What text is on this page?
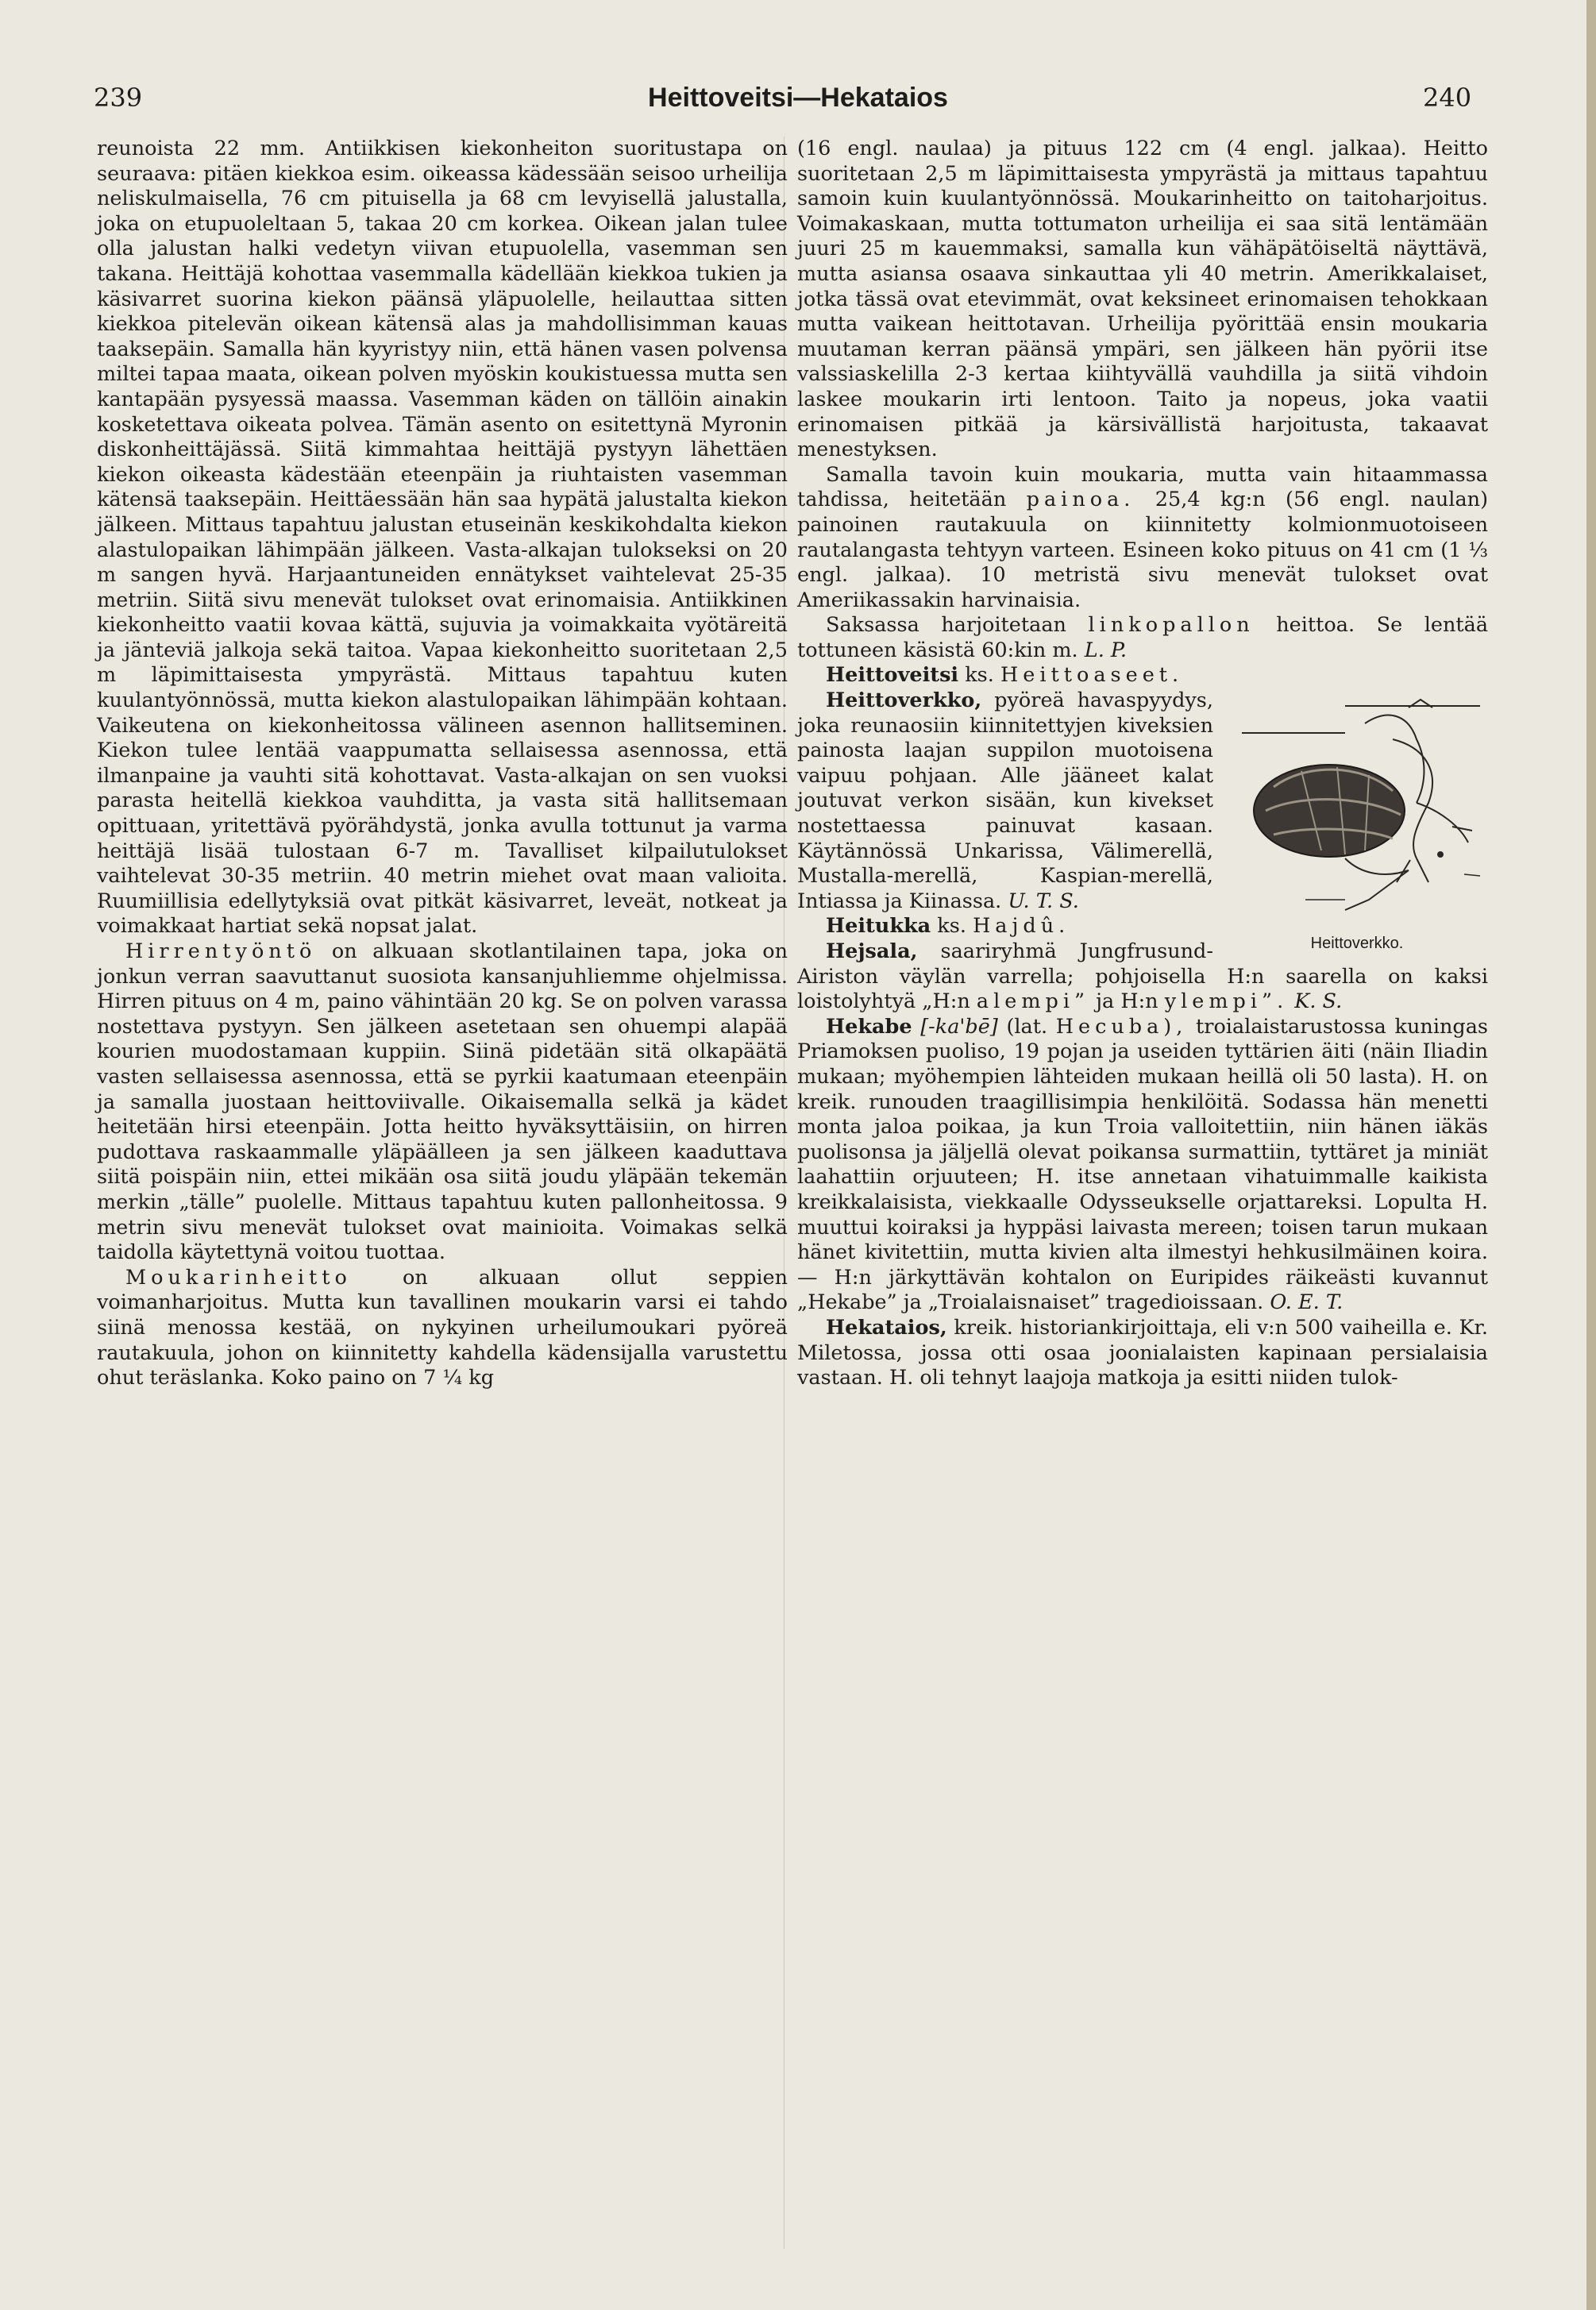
239	Heittoveitsi—Hekataios	240

reunoista 22 mm. Antiikkisen kiekonheiton suoritustapa on seuraava: pitäen kiekkoa esim. oikeassa kädessään seisoo urheilija neliskulmaisella, 76 cm pituisella ja 68 cm levyisellä jalustalla, joka on etupuoleltaan 5, takaa 20 cm korkea. Oikean jalan tulee olla jalustan halki vedetyn viivan etupuolella, vasemman sen takana. Heittäjä kohottaa vasemmalla kädellään kiekkoa tukien ja käsivarret suorina kiekon päänsä yläpuolelle, heilauttaa sitten kiekkoa pitelevän oikean kätensä alas ja mahdollisimman kauas taaksepäin. Samalla hän kyyristyy niin, että hänen vasen polvensa miltei tapaa maata, oikean polven myöskin koukistuessa mutta sen kantapään pysyessä maassa. Vasemman käden on tällöin ainakin kosketettava oikeata polvea. Tämän asento on esitettynä Myronin diskonheittäjässä. Siitä kimmahtaa heittäjä pystyyn lähettäen kiekon oikeasta kädestään eteenpäin ja riuhtaisten vasemman kätensä taaksepäin. Heittäessään hän saa hypätä jalustalta kiekon jälkeen. Mittaus tapahtuu jalustan etuseinän keskikohdalta kiekon alastulopaikan lähimpään jälkeen. Vasta-alkajan tulokseksi on 20 m sangen hyvä. Harjaantuneiden ennätykset vaihtelevat 25-35 metriin. Siitä sivu menevät tulokset ovat erinomaisia. Antiikkinen kiekonheitto vaatii kovaa kättä, sujuvia ja voimakkaita vyötäreitä ja jänteviä jalkoja sekä taitoa. Vapaa kiekonheitto suoritetaan 2,5 m läpimittaisesta ympyrästä. Mittaus tapahtuu kuten kuulantyönnössä, mutta kiekon alastulopaikan lähimpään kohtaan. Vaikeutena on kiekonheitossa välineen asennon hallitseminen. Kiekon tulee lentää vaappumatta sellaisessa asennossa, että ilmanpaine ja vauhti sitä kohottavat. Vasta-alkajan on sen vuoksi parasta heitellä kiekkoa vauhditta, ja vasta sitä hallitsemaan opittuaan, yritettävä pyörähdystä, jonka avulla tottunut ja varma heittäjä lisää tulostaan 6-7 m. Tavalliset kilpailutulokset vaihtelevat 30-35 metriin. 40 metrin miehet ovat maan valioita. Ruumiillisia edellytyksiä ovat pitkät käsivarret, leveät, notkeat ja voimakkaat hartiat sekä nopsat jalat.

Hirrentyöntö on alkuaan skotlantilainen tapa, joka on jonkun verran saavuttanut suosiota kansanjuhliemme ohjelmissa. Hirren pituus on 4 m, paino vähintään 20 kg. Se on polven varassa nostettava pystyyn. Sen jälkeen asetetaan sen ohuempi alapää kourien muodostamaan kuppiin. Siinä pidetään sitä olkapäätä vasten sellaisessa asennossa, että se pyrkii kaatumaan eteenpäin ja samalla juostaan heittoviivalle. Oikaisemalla selkä ja kädet heitetään hirsi eteenpäin. Jotta heitto hyväksyttäisiin, on hirren pudottava raskaammalle yläpäälleen ja sen jälkeen kaaduttava siitä poispäin niin, ettei mikään osa siitä joudu yläpään tekemän merkin „tälle” puolelle. Mittaus tapahtuu kuten pallonheitossa. 9 metrin sivu menevät tulokset ovat mainioita. Voimakas selkä taidolla käytettynä voitou tuottaa.

Moukarinheitto	on alkuaan ollut seppien voimanharjoitus. Mutta kun tavallinen moukarin varsi ei tahdo siinä menossa kestää, on nykyinen urheilumoukari pyöreä rautakuula, johon on kiinnitetty kahdella kädensijalla varustettu ohut teräslanka. Koko paino on 7 ¼ kg

(16 engl. naulaa) ja pituus 122 cm (4 engl. jalkaa). Heitto suoritetaan 2,5 m läpimittaisesta ympyrästä ja mittaus tapahtuu samoin kuin kuulantyönnössä. Moukarinheitto on taitoharjoitus. Voimakaskaan, mutta tottumaton urheilija ei saa sitä lentämään juuri 25 m kauemmaksi, samalla kun vähäpätöiseltä näyttävä, mutta asiansa osaava sinkauttaa yli 40 metrin. Amerikkalaiset, jotka tässä ovat etevimmät, ovat keksineet erinomaisen tehokkaan mutta vaikean heittotavan. Urheilija pyörittää ensin moukaria muutaman kerran päänsä ympäri, sen jälkeen hän pyörii itse valssiaskelilla 2-3 kertaa kiihtyvällä vauhdilla ja siitä vihdoin laskee moukarin irti lentoon. Taito ja nopeus, joka vaatii erinomaisen pitkää ja kärsivällistä harjoitusta, takaavat menestyksen.

Samalla tavoin kuin moukaria, mutta vain hitaammassa tahdissa, heitetään painoa. 25,4 kg:n (56 engl. naulan) painoinen rautakuula on kiinnitetty kolmionmuotoiseen rautalangasta tehtyyn varteen. Esineen koko pituus on 41 cm (1 ⅓ engl. jalkaa). 10 metristä sivu menevät tulokset ovat Ameriikassakin harvinaisia.

Saksassa harjoitetaan linkopallon heittoa. Se lentää tottuneen käsistä 60:kin m. L. P.

Heittoveitsi ks. Heittoaseet.

Heittoverkko.
Heittoverkko, pyöreä havaspyydys, joka reunaosiin kiinnitettyjen kiveksien painosta laajan suppilon muotoisena vaipuu pohjaan. Alle jääneet kalat joutuvat verkon sisään, kun kivekset nostettaessa painuvat kasaan. Käytännössä Unkarissa, Välimerellä, Mustalla-merellä, Kaspian-merellä, Intiassa ja Kiinassa. U. T. S.

Heitukka ks. Hajdû.

Hejsala, saariryhmä Jungfrusund-Airiston väylän varrella; pohjoisella H:n saarella on kaksi loistolyhtyä „H:n alempi” ja H:n ylempi”. K. S.

Hekabe [-ka'bē] (lat. Hecuba), troialaistarustossa kuningas Priamoksen puoliso, 19 pojan ja useiden tyttärien äiti (näin Iliadin mukaan; myöhempien lähteiden mukaan heillä oli 50 lasta). H. on kreik. runouden traagillisimpia henkilöitä. Sodassa hän menetti monta jaloa poikaa, ja kun Troia valloitettiin, niin hänen iäkäs puolisonsa ja jäljellä olevat poikansa surmattiin, tyttäret ja miniät laahattiin orjuuteen; H. itse annetaan vihatuimmalle kaikista kreikkalaisista, viekkaalle Odysseukselle orjattareksi. Lopulta H. muuttui koiraksi ja hyppäsi laivasta mereen; toisen tarun mukaan hänet kivitettiin, mutta kivien alta ilmestyi hehkusilmäinen koira. — H:n järkyttävän kohtalon on Euripides räikeästi kuvannut „Hekabe” ja „Troialaisnaiset” tragedioissaan. O. E. T.

Hekataios, kreik. historiankirjoittaja, eli v:n 500 vaiheilla e. Kr. Miletossa, jossa otti osaa joonialaisten kapinaan persialaisia vastaan. H. oli tehnyt laajoja matkoja ja esitti niiden tulok-
